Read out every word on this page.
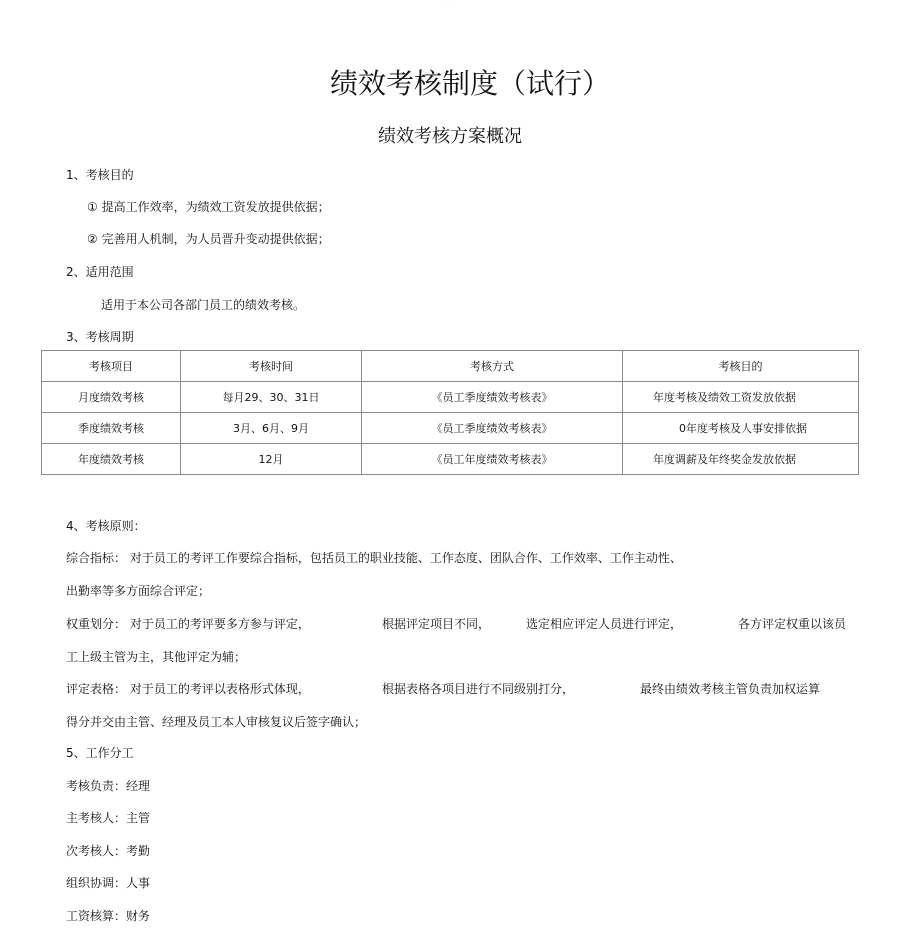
·
绩效考核制度（试行）
绩效考核方案概况
1、考核目的
① 提高工作效率，为绩效工资发放提供依据；
② 完善用人机制，为人员晋升变动提供依据；
2、适用范围
适用于本公司各部门员工的绩效考核。
3、考核周期
考核项目	考核时间	考核方式	考核目的
月度绩效考核	每月29、30、31日	《员工季度绩效考核表》	年度考核及绩效工资发放依据
季度绩效考核	3月、6月、9月	《员工季度绩效考核表》	0年度考核及人事安排依据
年度绩效考核	12月	《员工年度绩效考核表》	年度调薪及年终奖金发放依据
4、考核原则：
综合指标： 对于员工的考评工作要综合指标，包括员工的职业技能、工作态度、团队合作、工作效率、工作主动性、
出勤率等多方面综合评定；
权重划分： 对于员工的考评要多方参与评定，	根据评定项目不同，	选定相应评定人员进行评定，	各方评定权重以该员
工上级主管为主，其他评定为辅；
评定表格： 对于员工的考评以表格形式体现，	根据表格各项目进行不同级别打分，	最终由绩效考核主管负责加权运算
得分并交由主管、经理及员工本人审核复议后签字确认；
5、工作分工
考核负责：经理
主考核人：主管
次考核人：考勤
组织协调：人事
工资核算：财务
